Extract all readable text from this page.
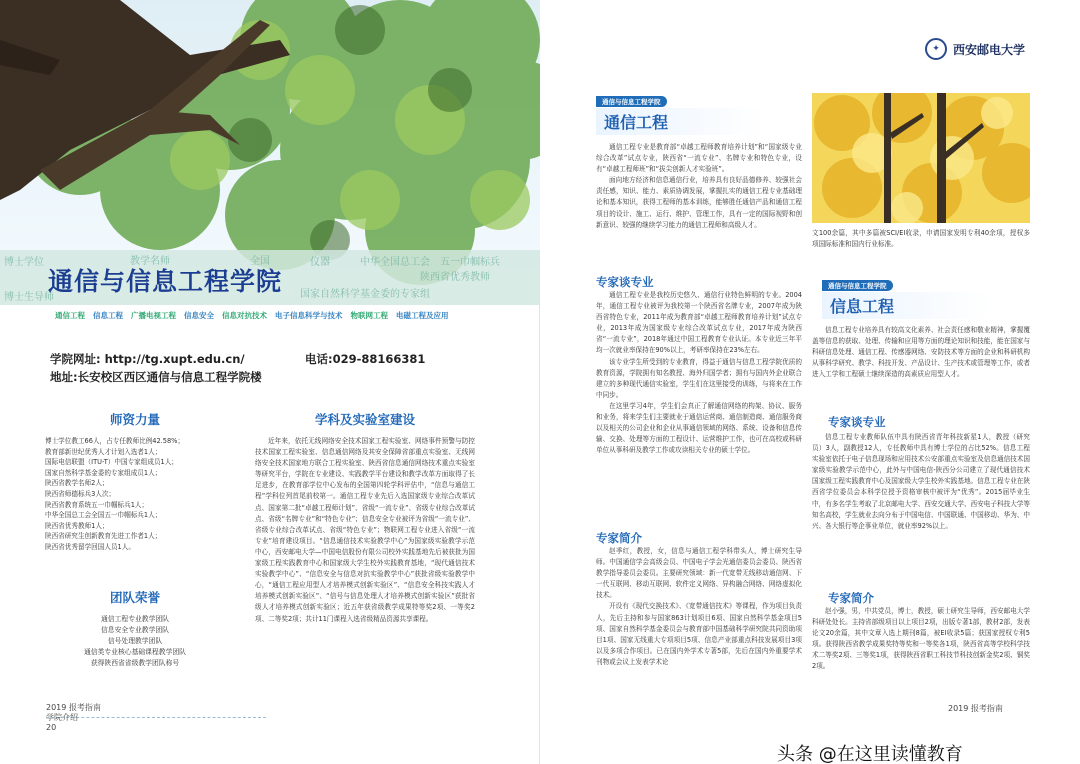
博士学位	教学名师	全国	仪器	中华全国总工会 五一巾帼标兵
陕西省优秀教师
博士生导师	国家自然科学基金委的专家组
通信与信息工程学院
通信工程 信息工程 广播电视工程 信息安全 信息对抗技术 电子信息科学与技术 物联网工程 电磁工程及应用
学院网址: http://tg.xupt.edu.cn/	电话:029-88166381
地址:长安校区西区通信与信息工程学院楼
师资力量
博士学位教工66人，占专任教师比例42.58%；
教育部新世纪优秀人才计划入选者1人；
国际电信联盟（ITU-T）中国专家组成员1人；
国家自然科学基金委的专家组成员1人；
陕西省教学名师2人；
陕西省师德标兵3人次；
陕西省教育系统五一巾帼标兵1人；
中华全国总工会全国五一巾帼标兵1人；
陕西省优秀教师1人；
陕西省研究生创新教育先进工作者1人；
陕西省优秀留学回国人员1人。
团队荣誉
通信工程专业教学团队
信息安全专业教学团队
信号处理教学团队
通信类专业核心基础课程教学团队
获得陕西省省级教学团队称号
学科及实验室建设

近年来，依托无线网络安全技术国家工程实验室、网络事件预警与防控技术国家工程实验室、信息通信网络及其安全保障省部重点实验室、无线网络安全技术国家地方联合工程实验室、陕西省信息通信网络技术重点实验室等研究平台，学院在专业建设、实践教学平台建设和教学改革方面取得了长足进步，在教育部学位中心发布的全国第四轮学科评估中，“信息与通信工程”学科位列首尾前校第一。通信工程专业先后入选国家级专业综合改革试点、国家第二批“卓越工程师计划”、省级“一流专业”、省级专业综合改革试点、省级“名牌专业”和“特色专业”；信息安全专业被评为省级“一流专业”、省级专业综合改革试点、省级“特色专业”；物联网工程专业进入省级“一流专业”培育建设项目。“信息通信技术实验教学中心”为国家级实验教学示范中心，西安邮电大学—中国电信股份有限公司校外实践基地先后被获批为国家级工程实践教育中心和国家级大学生校外实践教育基地，“现代通信技术实验教学中心”、“信息安全与信息对抗实验教学中心”获批省级实验教学中心，“通信工程应用型人才培养模式创新实验区”、“信息安全科技实践人才培养模式创新实验区”、“信号与信息处理人才培养模式创新实验区”获批省级人才培养模式创新实验区；近五年获省级教学成果特等奖2项、一等奖2项、二等奖2项；共计11门课程入选省级精品资源共享课程。

2019 报考指南
学院介绍
20
✦	西安邮电大学
通信与信息工程学院
通信工程

通信工程专业是教育部“卓越工程师教育培养计划”和“国家级专业综合改革”试点专业，陕西省“一流专业”、名牌专业和特色专业，设有“卓越工程师班”和“拔尖创新人才实验班”。

面向地方经济和信息通信行业，培养具有良好品德修养、较强社会责任感，知识、能力、素质协调发展，掌握扎实的通信工程专业基础理论和基本知识，获得工程师的基本训练，能够胜任通信产品和通信工程项目的设计、施工、运行、维护、管理工作，具有一定的国际视野和创新意识、较强的继续学习能力的通信工程师和高级人才。

文100余篇，其中多篇被SCI/EI收录，申请国家发明专利40余项，授权多项国际标准和国内行业标准。
专家谈专业

通信工程专业是我校历史悠久、通信行业特色鲜明的专业。2004年，通信工程专业被评为我校第一个陕西省名牌专业，2007年成为陕西省特色专业，2011年成为教育部“卓越工程师教育培养计划”试点专业，2013年成为国家级专业综合改革试点专业，2017年成为陕西省“一流专业”，2018年通过中国工程教育专业认证。本专业近三年平均一次就业率保持在90%以上，考研率保持在23%左右。

该专业学生所受到的专业教育，得益于通信与信息工程学院优质的教育资源，学院拥有知名教授、海外归国学者；拥有与国内外企业联合建立的多种现代通信实验室，学生们在这里接受的训练，与将来在工作中同步。

在这里学习4年，学生们会真正了解通信网络的构架、协议、服务和业务，将来学生们主要就业于通信运营商、通信制造商、通信服务商以及相关的公司企业和企业从事通信领域的网络、系统、设备和信息传输、交换、处理等方面的工程设计、运营维护工作，也可在高校或科研单位从事科研及教学工作或攻读相关专业的硕士学位。

专家简介

赵季红，教授，女，信息与通信工程学科带头人，博士研究生导师。中国通信学会高级会员、中国电子学会光通信委员会委员、陕西省教学指导委员会委员。主要研究领域：新一代宽带无线移动通信网、下一代互联网、移动互联网、软件定义网络、异构融合网络、网络虚拟化技术。

开设有《现代交换技术》、《宽带通信技术》等课程，作为项目负责人，先后主持和参与国家863计划项目6项、国家自然科学基金项目5项、国家自然科学基金委员会与教育部中国基础科学研究院共同资助项目1项、国家无线重大专项项目5项、信息产业部重点科技发展项目3项以及多项合作项目。已在国内外学术专著5部，先后在国内外重要学术刊物或会议上发表学术论

通信与信息工程学院
信息工程

信息工程专业培养具有较高文化素养、社会责任感和敬业精神，掌握覆盖等信息的获取、处理、传输和应用等方面的理论知识和技能，能在国家与科研信息处理、通信工程、传感器网络、安防技术等方面的企业和科研机构从事科学研究、教学、科技开发、产品设计、生产技术或管理等工作，或者进入工学和工程硕士继续深造的高素质应用型人才。

专家谈专业

信息工程专业教师队伍中具有陕西省青年科技新星1人，教授（研究员）3人，副教授12人，专任教师中具有博士学位的占比52%。信息工程实验室依托于电子信息现场和应用技术公安部重点实验室及信息通信技术国家级实验教学示范中心，此外与中国电信-陕西分公司建立了现代通信技术国家级工程实践教育中心及国家级大学生校外实践基地。信息工程专业在陕西省学位委员会本科学位授予资格审核中被评为“优秀”。2015届毕业生中，有多名学生考取了北京邮电大学、西安交通大学、西安电子科技大学等知名高校，学生就业去向分布于中国电信、中国联通、中国移动、华为、中兴、各大银行等企事业单位，就业率92%以上。

专家简介

赵小强，男，中共党员，博士，教授，硕士研究生导师，西安邮电大学科研处处长。主持省部级项目以上项目2项，出版专著1部，教材2部，发表论文20余篇，其中文章入选上期刊8篇，被EI收录5篇；获国家授权专利5项。获得陕西省教学成果奖特等奖和一等奖各1项，陕西省高等学校科学技术二等奖2项、三等奖1项，获得陕西省职工科技节科技创新金奖2项、铜奖2项。

2019 报考指南
头条 @在这里读懂教育
